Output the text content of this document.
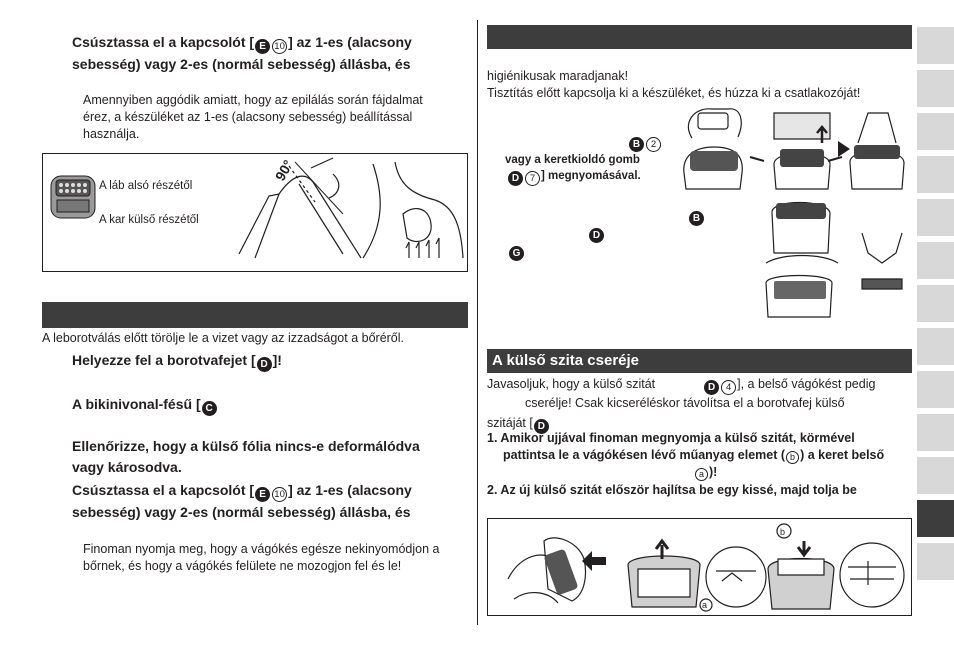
Csúsztassa el a kapcsolót [ E 10 ] az 1-es (alacsony
sebesség) vagy 2-es (normál sebesség) állásba, és
Amennyiben aggódik amiatt, hogy az epilálás során fájdalmat
érez, a készüléket az 1-es (alacsony sebesség) beállítással
használja.
90°
A láb alsó részétől
A kar külső részétől
A leborotválás előtt törölje le a vizet vagy az izzadságot a bőréről.
Helyezze fel a borotvafejet [ D ]!
A bikinivonal-fésű [ C
Ellenőrizze, hogy a külső fólia nincs-e deformálódva
vagy károsodva.
Csúsztassa el a kapcsolót [ E 10 ] az 1-es (alacsony
sebesség) vagy 2-es (normál sebesség) állásba, és
Finoman nyomja meg, hogy a vágókés egésze nekinyomódjon a
bőrnek, és hogy a vágókés felülete ne mozogjon fel és le!
higiénikusak maradjanak!
Tisztítás előtt kapcsolja ki a készüléket, és húzza ki a csatlakozóját!
B 2
vagy a keretkioldó gomb
D 7 ] megnyomásával.
B
D
G
A külső szita cseréje
Javasoljuk, hogy a külső szitát	D 4 ], a belső vágókést pedig
cserélje! Csak kicseréléskor távolítsa el a borotvafej külső
szitáját [ D
1. Amikor ujjával finoman megnyomja a külső szitát, körmével
pattintsa le a vágókésen lévő műanyag elemet ( b ) a keret belső
a )!
2. Az új külső szitát először hajlítsa be egy kissé, majd tolja be
a
b
